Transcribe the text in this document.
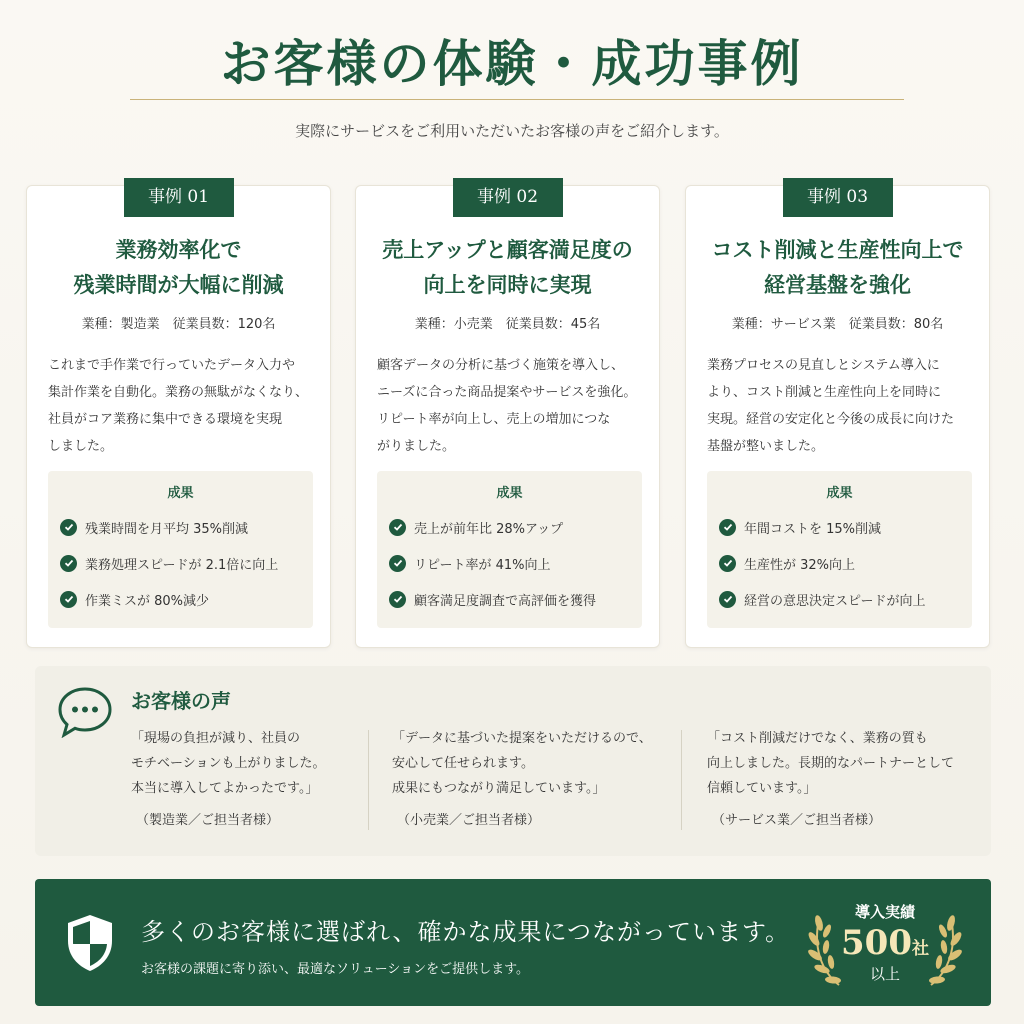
お客様の体験・成功事例
実際にサービスをご利用いただいたお客様の声をご紹介します。
事例 01
業務効率化で
残業時間が大幅に削減
業種：製造業　従業員数：120名
これまで手作業で行っていたデータ入力や
集計作業を自動化。業務の無駄がなくなり、
社員がコア業務に集中できる環境を実現
しました。
成果
残業時間を月平均 35%削減
業務処理スピードが 2.1倍に向上
作業ミスが 80%減少
事例 02
売上アップと顧客満足度の
向上を同時に実現
業種：小売業　従業員数：45名
顧客データの分析に基づく施策を導入し、
ニーズに合った商品提案やサービスを強化。
リピート率が向上し、売上の増加につな
がりました。
成果
売上が前年比 28%アップ
リピート率が 41%向上
顧客満足度調査で高評価を獲得
事例 03
コスト削減と生産性向上で
経営基盤を強化
業種：サービス業　従業員数：80名
業務プロセスの見直しとシステム導入に
より、コスト削減と生産性向上を同時に
実現。経営の安定化と今後の成長に向けた
基盤が整いました。
成果
年間コストを 15%削減
生産性が 32%向上
経営の意思決定スピードが向上
お客様の声
「現場の負担が減り、社員の
モチベーションも上がりました。
本当に導入してよかったです。」
（製造業／ご担当者様）
「データに基づいた提案をいただけるので、
安心して任せられます。
成果にもつながり満足しています。」
（小売業／ご担当者様）
「コスト削減だけでなく、業務の質も
向上しました。長期的なパートナーとして
信頼しています。」
（サービス業／ご担当者様）
多くのお客様に選ばれ、確かな成果につながっています。
お客様の課題に寄り添い、最適なソリューションをご提供します。
導入実績
500社
以上
